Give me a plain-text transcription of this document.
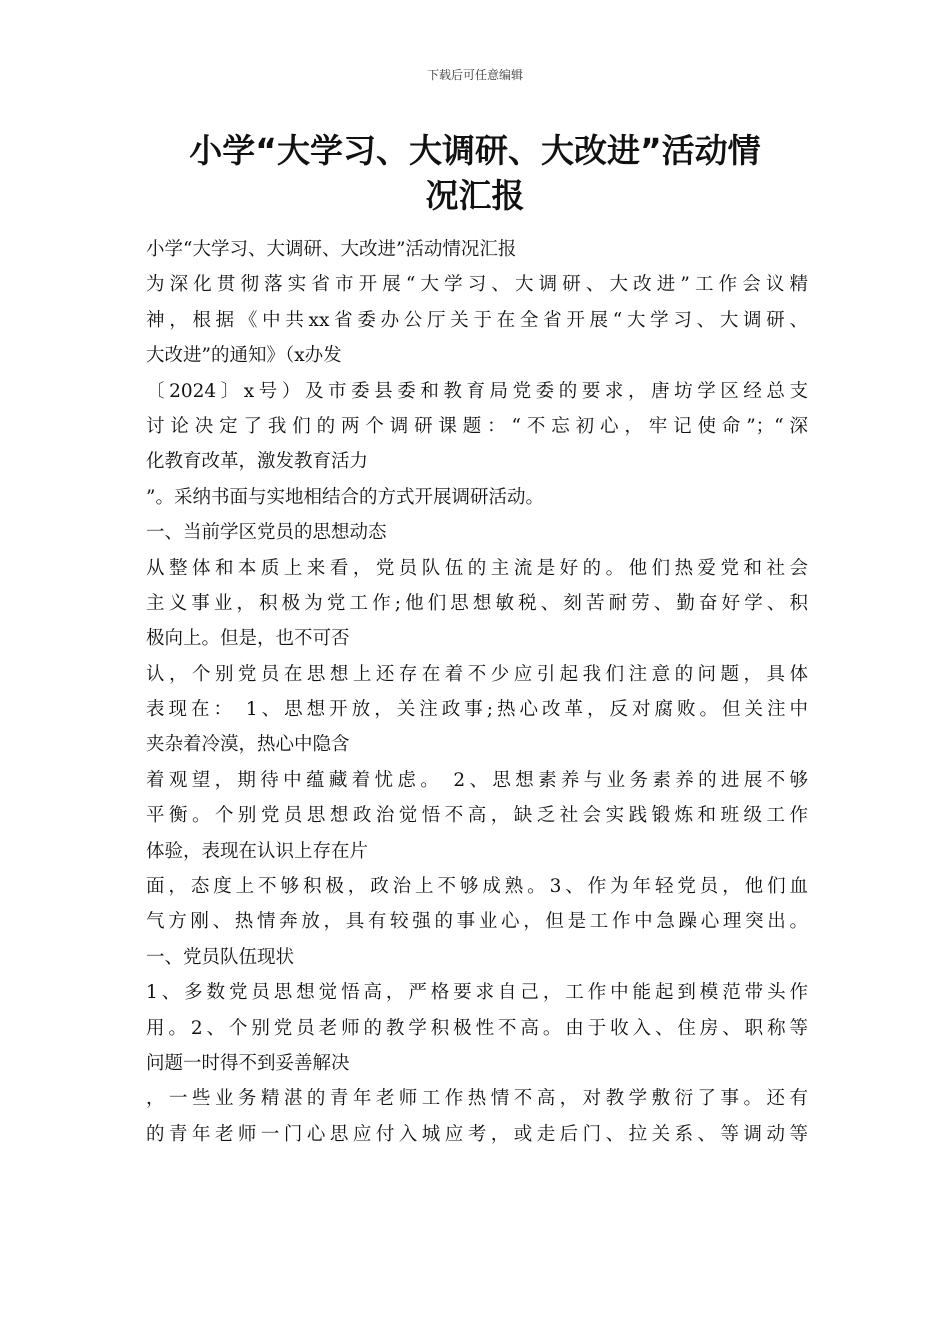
下载后可任意编辑
小学“大学习、大调研、大改进”活动情
况汇报
小学“大学习、大调研、大改进”活动情况汇报
为深化贯彻落实省市开展“大学习、大调研、大改进”工作会议精
神，根据《中共xx省委办公厅关于在全省开展“大学习、大调研、
大改进”的通知》（x办发
〔2024〕x号）及市委县委和教育局党委的要求，唐坊学区经总支
讨论决定了我们的两个调研课题：“不忘初心，牢记使命”；“深
化教育改革，激发教育活力
”。采纳书面与实地相结合的方式开展调研活动。
一、当前学区党员的思想动态
从整体和本质上来看，党员队伍的主流是好的。他们热爱党和社会
主义事业，积极为党工作;他们思想敏税、刻苦耐劳、勤奋好学、积
极向上。但是，也不可否
认，个别党员在思想上还存在着不少应引起我们注意的问题，具体
表现在： 1、思想开放，关注政事;热心改革，反对腐败。但关注中
夹杂着冷漠，热心中隐含
着观望，期待中蕴藏着忧虑。 2、思想素养与业务素养的进展不够
平衡。个别党员思想政治觉悟不高，缺乏社会实践锻炼和班级工作
体验，表现在认识上存在片
面，态度上不够积极，政治上不够成熟。3、作为年轻党员，他们血
气方刚、热情奔放，具有较强的事业心，但是工作中急躁心理突出。
一、党员队伍现状
1、多数党员思想觉悟高，严格要求自己，工作中能起到模范带头作
用。2、个别党员老师的教学积极性不高。由于收入、住房、职称等
问题一时得不到妥善解决
，一些业务精湛的青年老师工作热情不高，对教学敷衍了事。还有
的青年老师一门心思应付入城应考，或走后门、拉关系、等调动等
